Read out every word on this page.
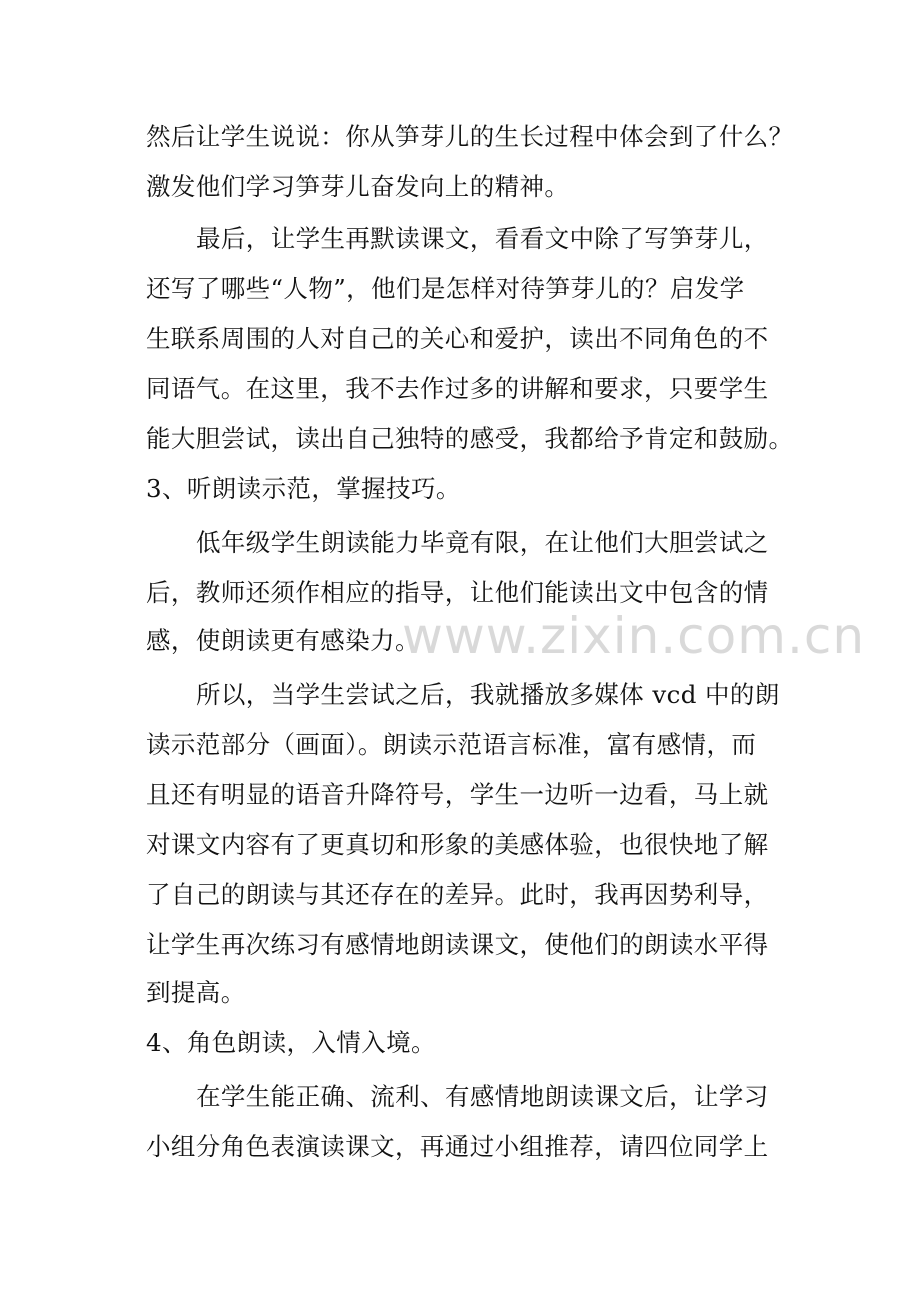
www.zixin.com.cn
然后让学生说说：你从笋芽儿的生长过程中体会到了什么？
激发他们学习笋芽儿奋发向上的精神。
最后，让学生再默读课文，看看文中除了写笋芽儿，
还写了哪些“人物”，他们是怎样对待笋芽儿的？启发学
生联系周围的人对自己的关心和爱护，读出不同角色的不
同语气。在这里，我不去作过多的讲解和要求，只要学生
能大胆尝试，读出自己独特的感受，我都给予肯定和鼓励。
3、听朗读示范，掌握技巧。
低年级学生朗读能力毕竟有限，在让他们大胆尝试之
后，教师还须作相应的指导，让他们能读出文中包含的情
感，使朗读更有感染力。
所以，当学生尝试之后，我就播放多媒体 vcd 中的朗
读示范部分（画面）。朗读示范语言标准，富有感情，而
且还有明显的语音升降符号，学生一边听一边看，马上就
对课文内容有了更真切和形象的美感体验，也很快地了解
了自己的朗读与其还存在的差异。此时，我再因势利导，
让学生再次练习有感情地朗读课文，使他们的朗读水平得
到提高。
4、角色朗读，入情入境。
在学生能正确、流利、有感情地朗读课文后，让学习
小组分角色表演读课文，再通过小组推荐，请四位同学上
